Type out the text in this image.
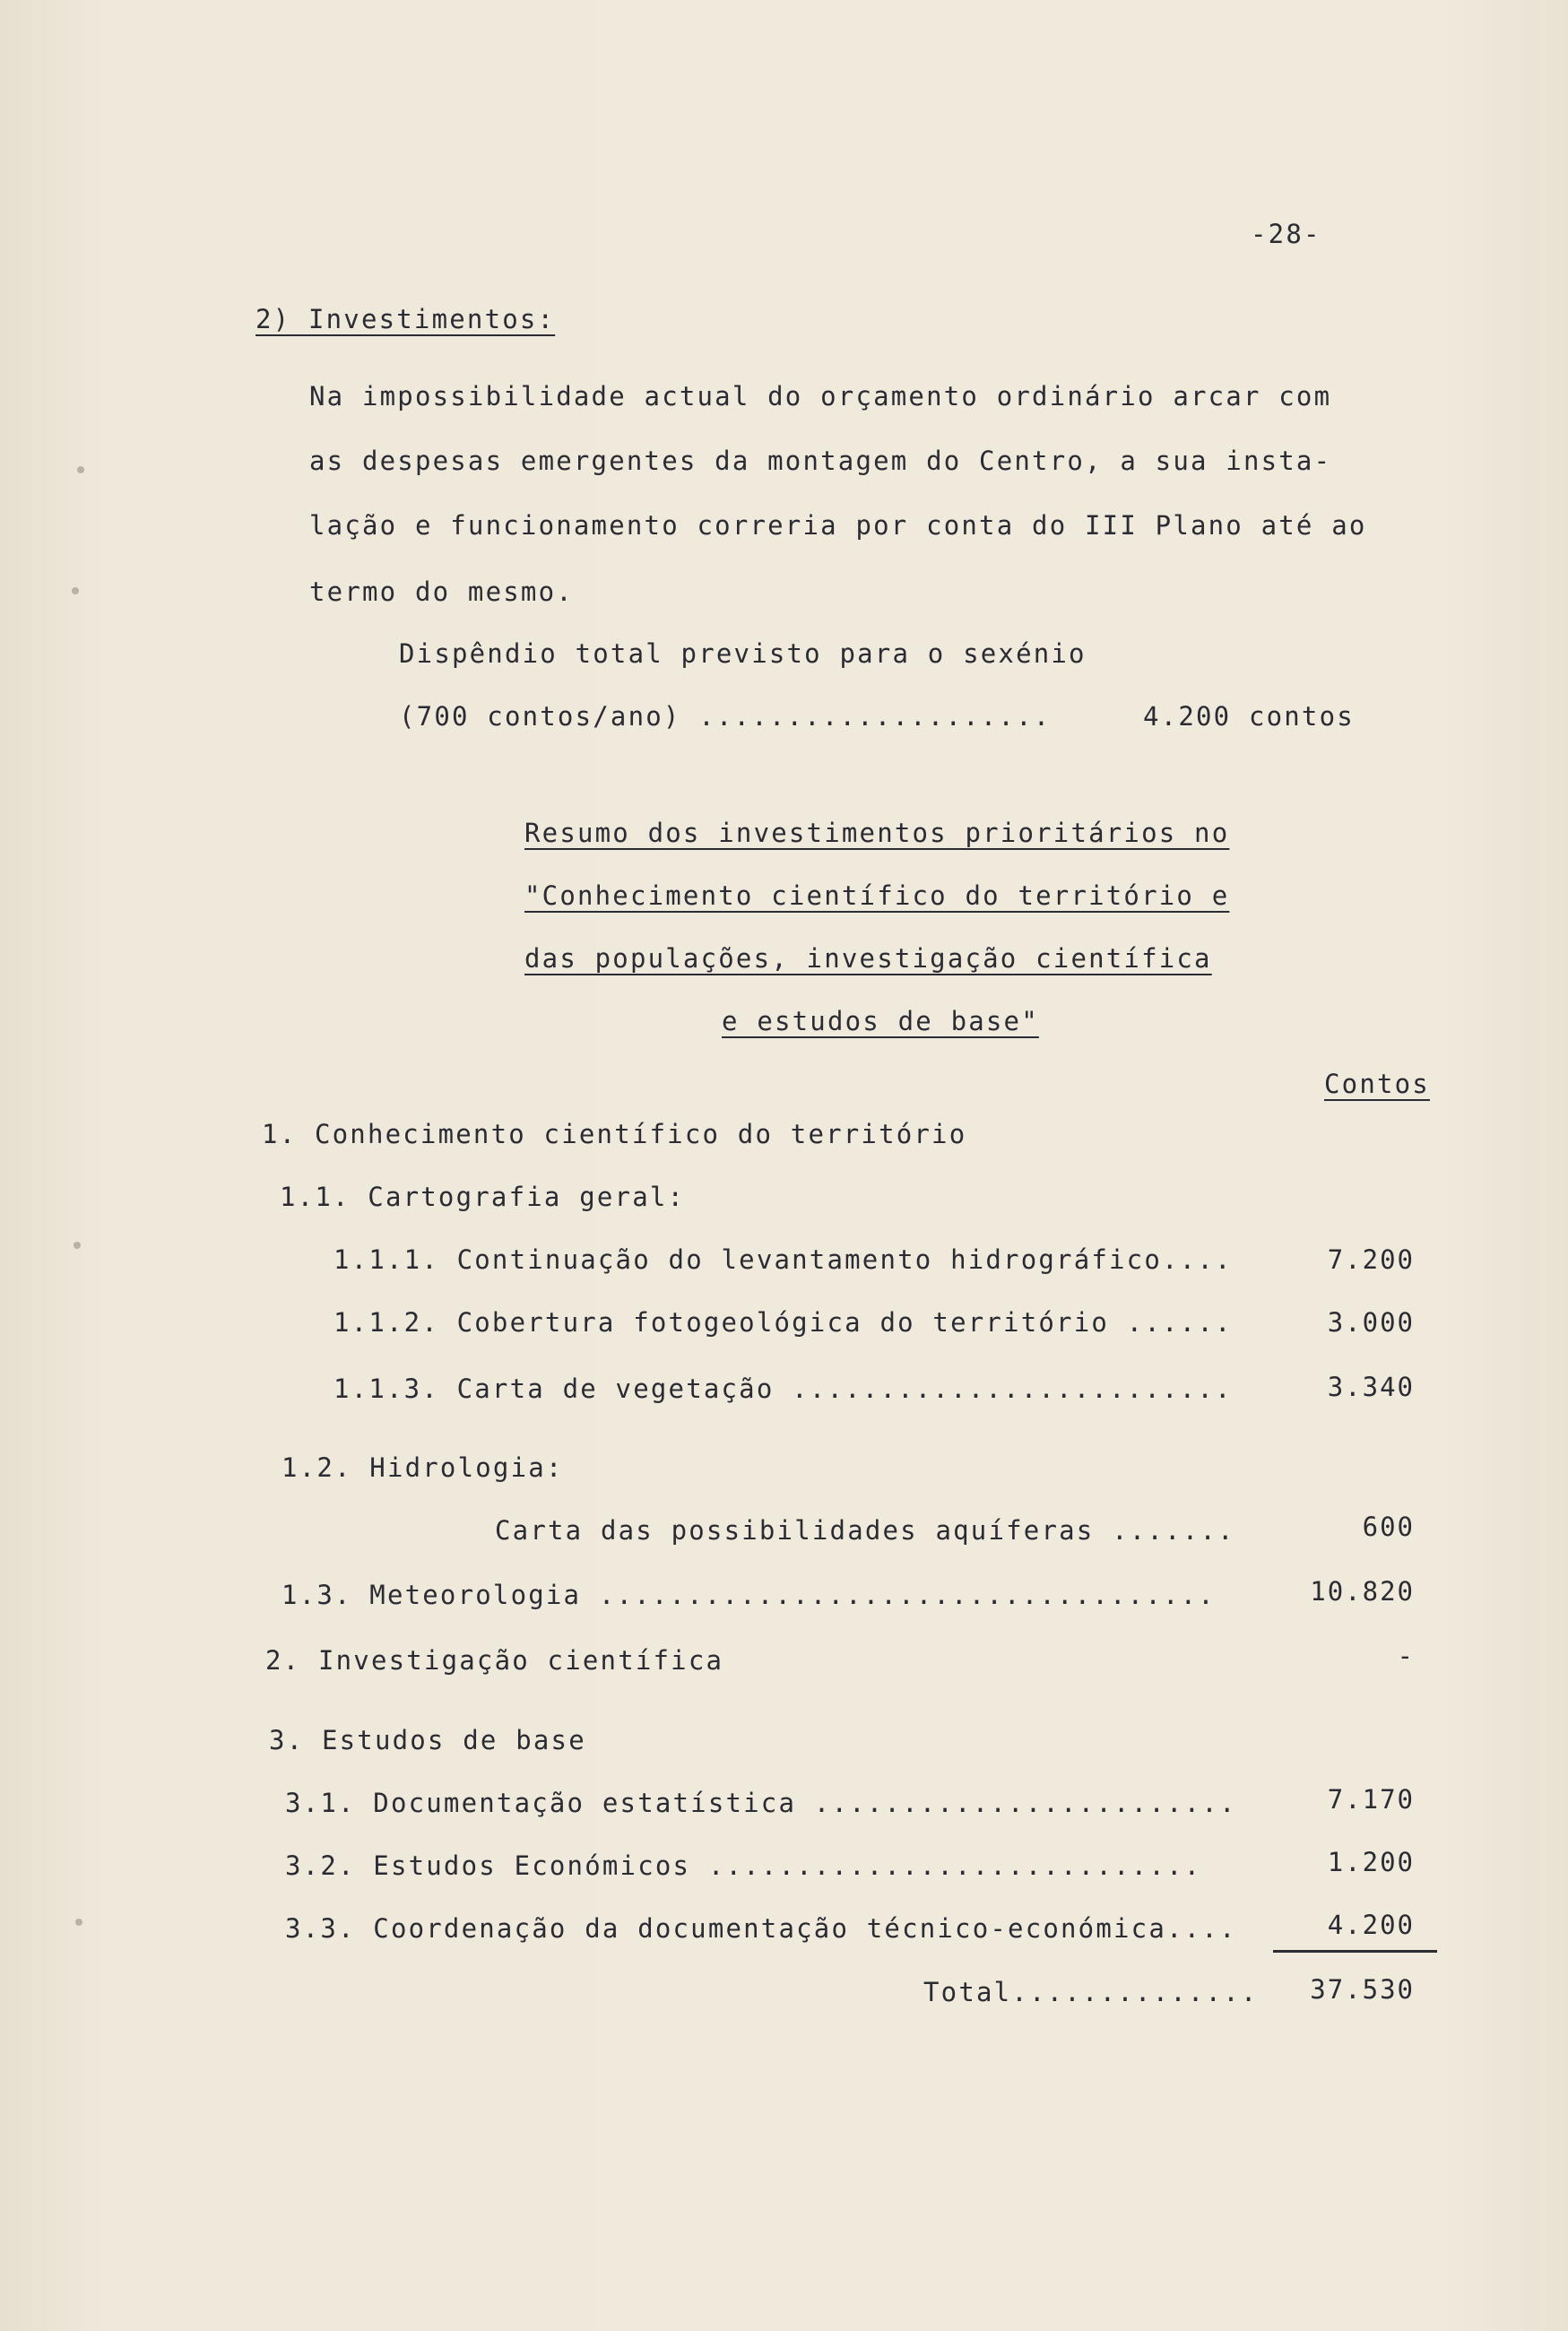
-28-
2) Investimentos:
Na impossibilidade actual do orçamento ordinário arcar com
as despesas emergentes da montagem do Centro, a sua insta-
lação e funcionamento correria por conta do III Plano até ao
termo do mesmo.
Dispêndio total previsto para o sexénio
(700 contos/ano) ....................	4.200 contos
Resumo dos investimentos prioritários no
"Conhecimento científico do território e
das populações, investigação científica
e estudos de base"
Contos
1. Conhecimento científico do território
1.1. Cartografia geral:
1.1.1. Continuação do levantamento hidrográfico....	7.200
1.1.2. Cobertura fotogeológica do território ......	3.000
1.1.3. Carta de vegetação .........................	3.340
1.2. Hidrologia:
Carta das possibilidades aquíferas .......	600
1.3. Meteorologia ...................................	10.820
2. Investigação científica	-
3. Estudos de base
3.1. Documentação estatística ........................	7.170
3.2. Estudos Económicos ............................	1.200
3.3. Coordenação da documentação técnico-económica....	4.200
Total..............	37.530
